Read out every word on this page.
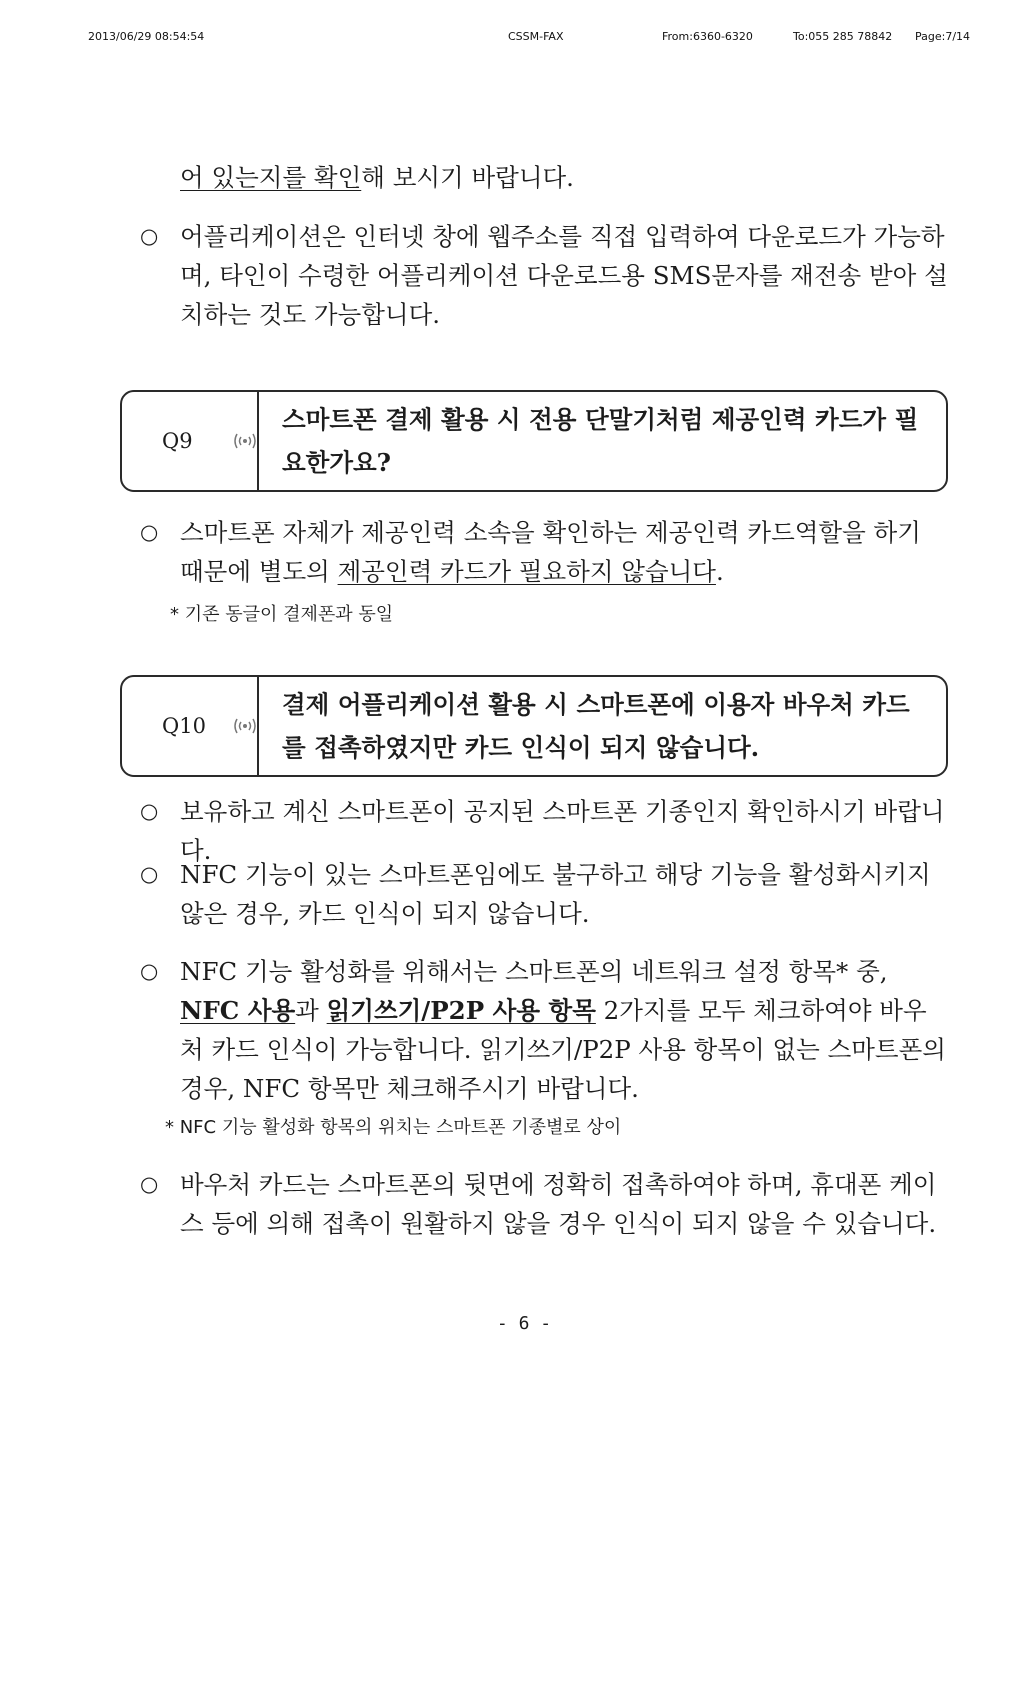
2013/06/29 08:54:54	CSSM-FAX	From:6360-6320	To:055 285 78842 Page:7/14
어 있는지를 확인해 보시기 바랍니다.
○ 어플리케이션은 인터넷 창에 웹주소를 직접 입력하여 다운로드가 가능하며, 타인이 수령한 어플리케이션 다운로드용 SMS문자를 재전송 받아 설치하는 것도 가능합니다.
Q9
스마트폰 결제 활용 시 전용 단말기처럼 제공인력 카드가 필요한가요?
○ 스마트폰 자체가 제공인력 소속을 확인하는 제공인력 카드역할을 하기 때문에 별도의 제공인력 카드가 필요하지 않습니다.
* 기존 동글이 결제폰과 동일
Q10
결제 어플리케이션 활용 시 스마트폰에 이용자 바우처 카드를 접촉하였지만 카드 인식이 되지 않습니다.
○ 보유하고 계신 스마트폰이 공지된 스마트폰 기종인지 확인하시기 바랍니다.
○ NFC 기능이 있는 스마트폰임에도 불구하고 해당 기능을 활성화시키지 않은 경우, 카드 인식이 되지 않습니다.
○ NFC 기능 활성화를 위해서는 스마트폰의 네트워크 설정 항목* 중, NFC 사용과 읽기쓰기/P2P 사용 항목 2가지를 모두 체크하여야 바우처 카드 인식이 가능합니다. 읽기쓰기/P2P 사용 항목이 없는 스마트폰의 경우, NFC 항목만 체크해주시기 바랍니다.
* NFC 기능 활성화 항목의 위치는 스마트폰 기종별로 상이
○ 바우처 카드는 스마트폰의 뒷면에 정확히 접촉하여야 하며, 휴대폰 케이스 등에 의해 접촉이 원활하지 않을 경우 인식이 되지 않을 수 있습니다.
- 6 -
